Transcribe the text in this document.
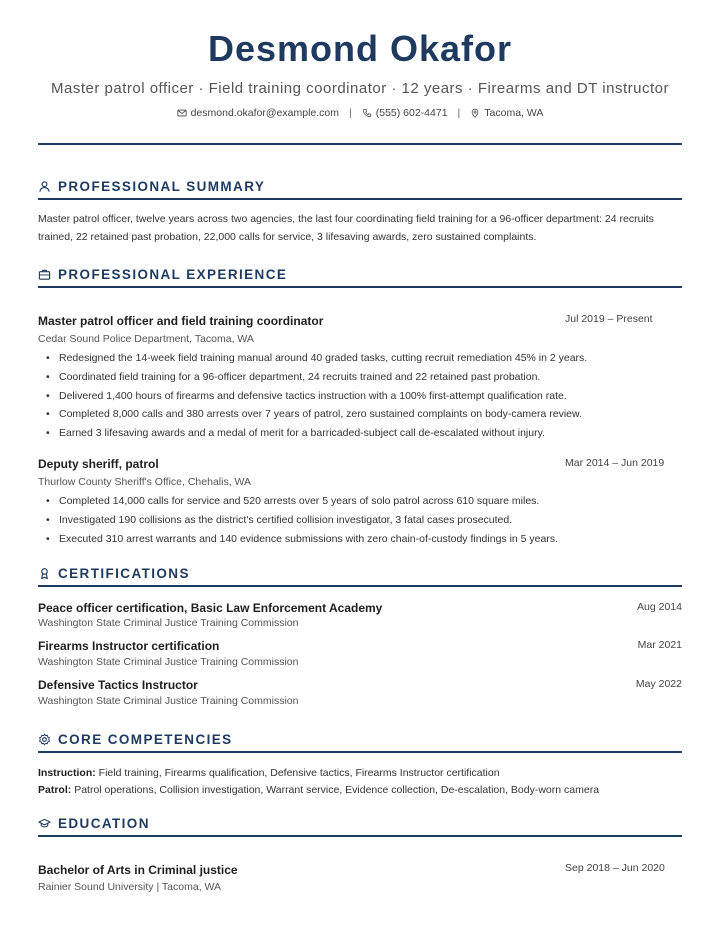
Desmond Okafor
Master patrol officer · Field training coordinator · 12 years · Firearms and DT instructor
desmond.okafor@example.com | (555) 602-4471 | Tacoma, WA
PROFESSIONAL SUMMARY
Master patrol officer, twelve years across two agencies, the last four coordinating field training for a 96-officer department: 24 recruits trained, 22 retained past probation, 22,000 calls for service, 3 lifesaving awards, zero sustained complaints.
PROFESSIONAL EXPERIENCE
Master patrol officer and field training coordinator	Jul 2019 – Present
Cedar Sound Police Department, Tacoma, WA
• Redesigned the 14-week field training manual around 40 graded tasks, cutting recruit remediation 45% in 2 years.
• Coordinated field training for a 96-officer department, 24 recruits trained and 22 retained past probation.
• Delivered 1,400 hours of firearms and defensive tactics instruction with a 100% first-attempt qualification rate.
• Completed 8,000 calls and 380 arrests over 7 years of patrol, zero sustained complaints on body-camera review.
• Earned 3 lifesaving awards and a medal of merit for a barricaded-subject call de-escalated without injury.
Deputy sheriff, patrol	Mar 2014 – Jun 2019
Thurlow County Sheriff's Office, Chehalis, WA
• Completed 14,000 calls for service and 520 arrests over 5 years of solo patrol across 610 square miles.
• Investigated 190 collisions as the district's certified collision investigator, 3 fatal cases prosecuted.
• Executed 310 arrest warrants and 140 evidence submissions with zero chain-of-custody findings in 5 years.
CERTIFICATIONS
Peace officer certification, Basic Law Enforcement Academy	Aug 2014
Washington State Criminal Justice Training Commission
Firearms Instructor certification	Mar 2021
Washington State Criminal Justice Training Commission
Defensive Tactics Instructor	May 2022
Washington State Criminal Justice Training Commission
CORE COMPETENCIES
Instruction: Field training, Firearms qualification, Defensive tactics, Firearms Instructor certification
Patrol: Patrol operations, Collision investigation, Warrant service, Evidence collection, De-escalation, Body-worn camera
EDUCATION
Bachelor of Arts in Criminal justice	Sep 2018 – Jun 2020
Rainier Sound University | Tacoma, WA
